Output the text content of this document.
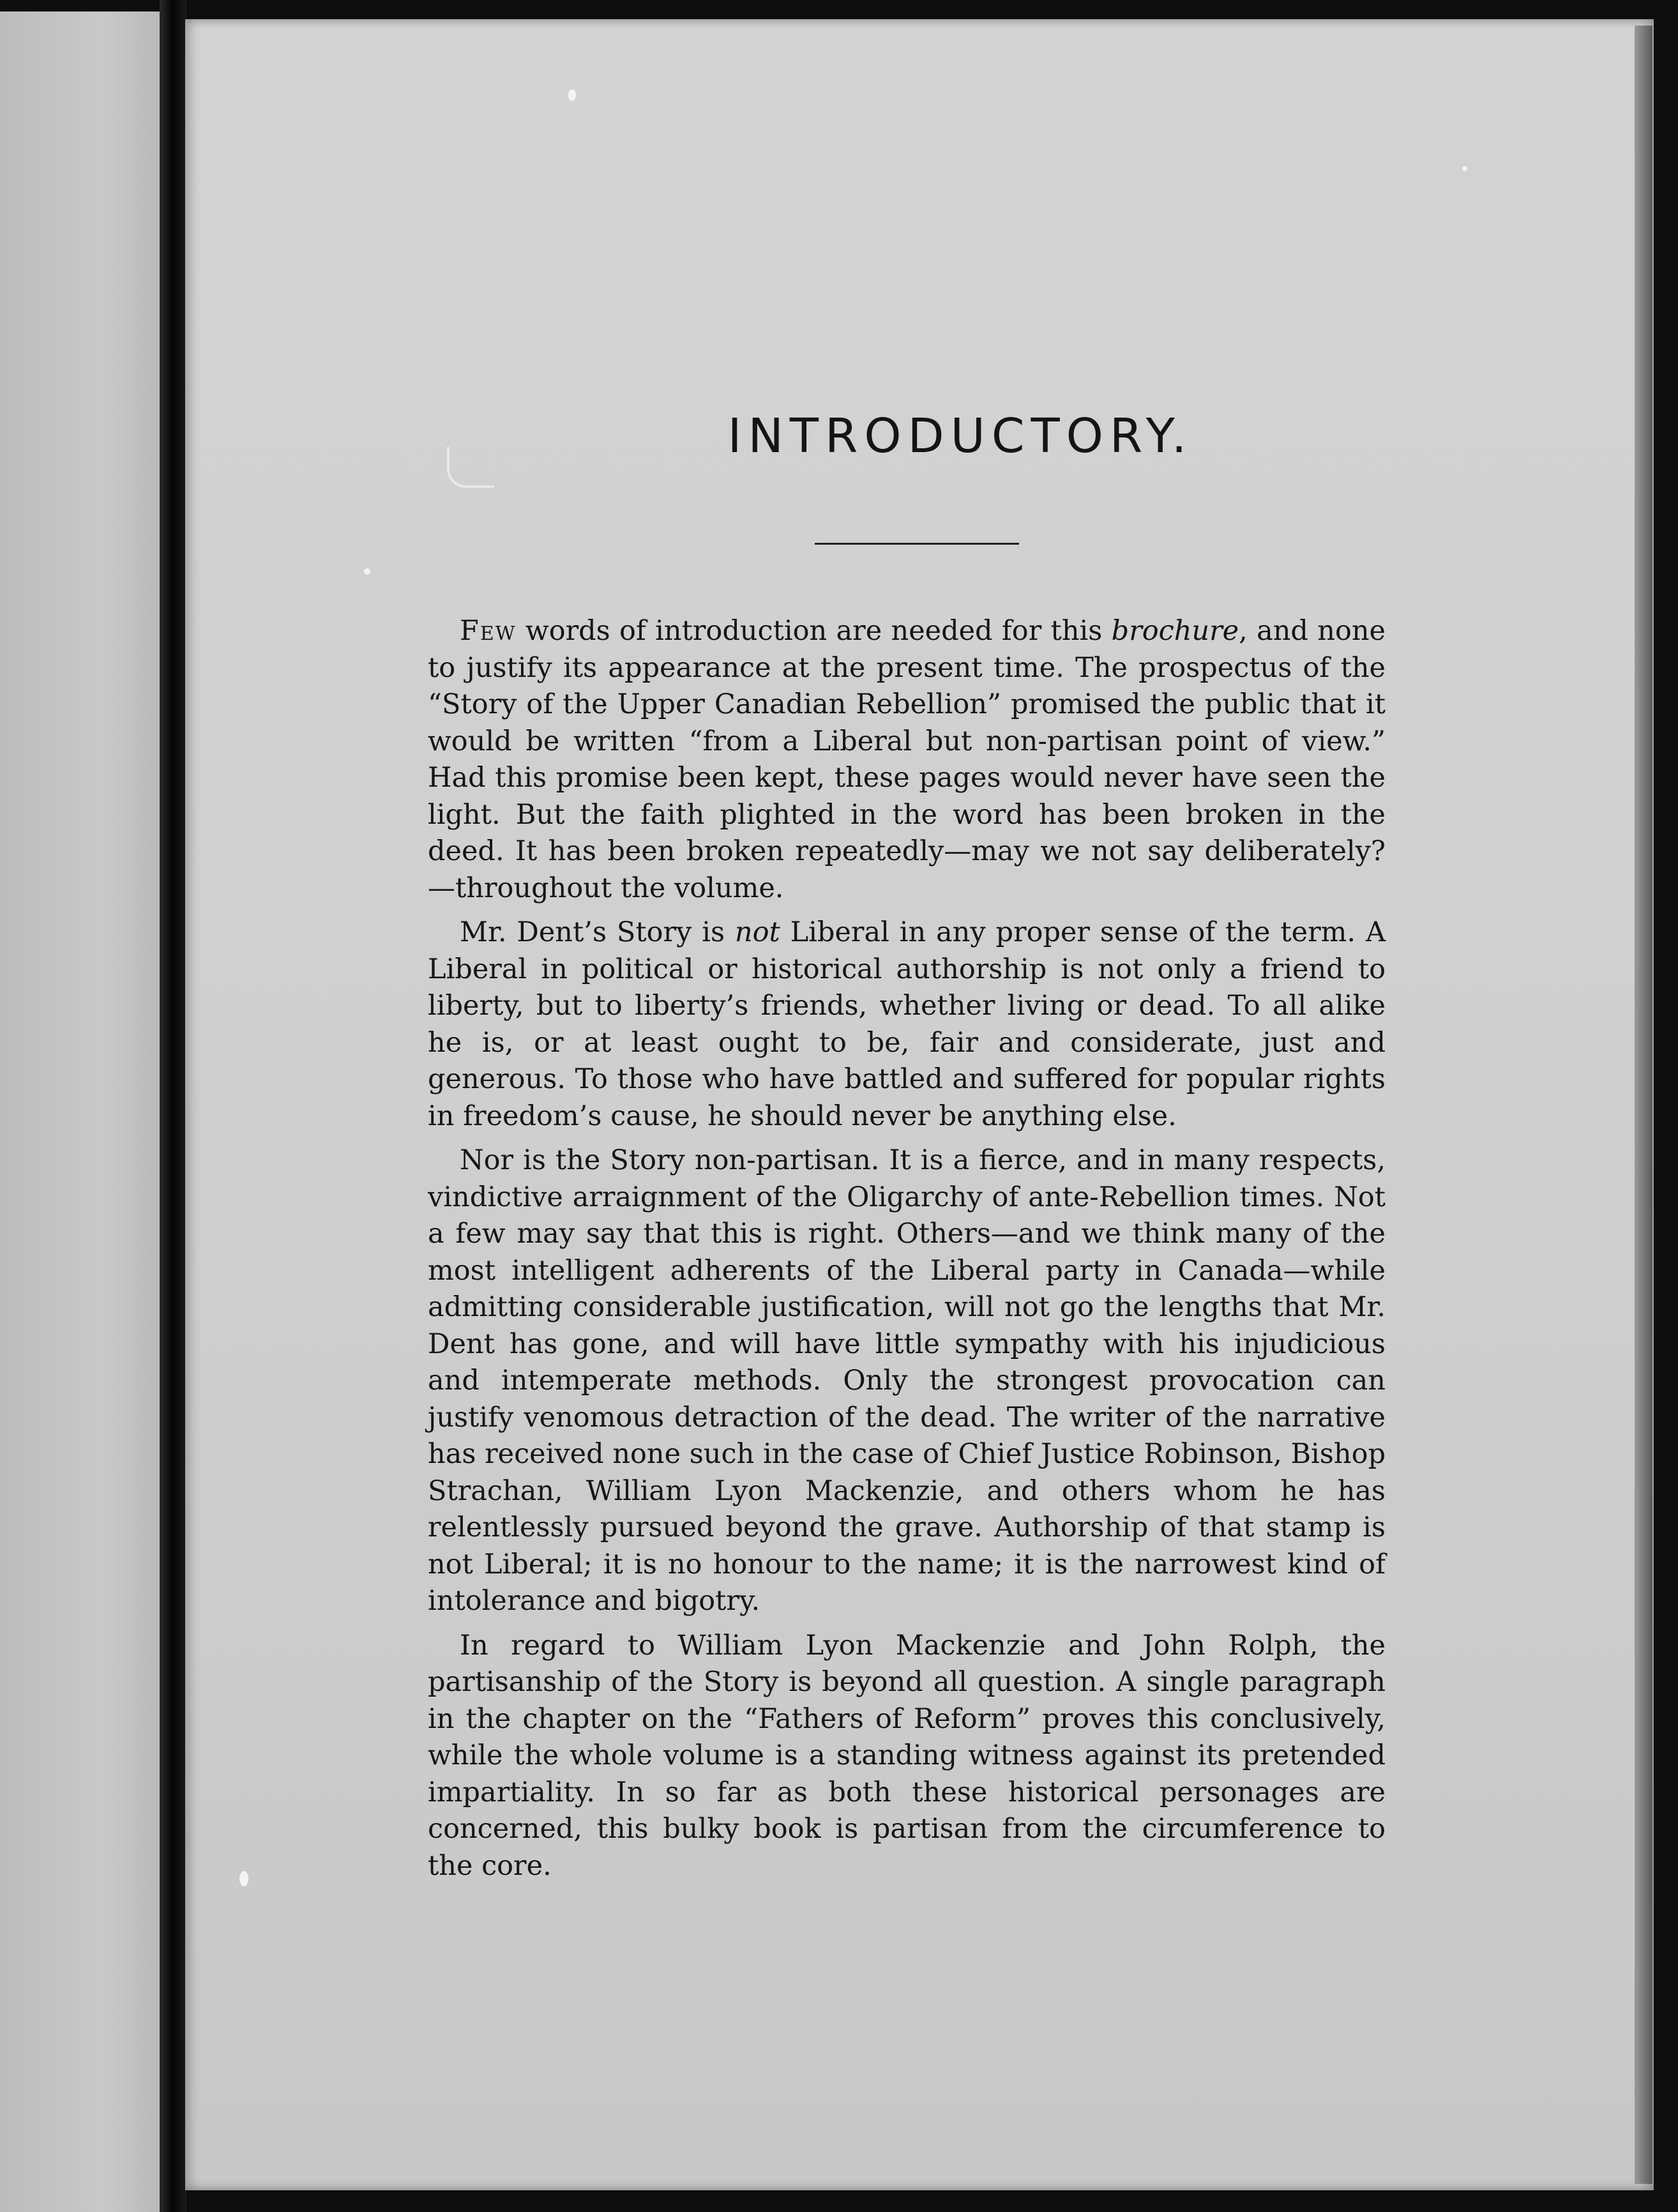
INTRODUCTORY.

Few words of introduction are needed for this brochure, and none to justify its appearance at the present time. The prospectus of the “Story of the Upper Canadian Rebellion” promised the public that it would be written “from a Liberal but non-partisan point of view.” Had this promise been kept, these pages would never have seen the light. But the faith plighted in the word has been broken in the deed. It has been broken repeatedly—may we not say deliberately?—throughout the volume.

Mr. Dent’s Story is not Liberal in any proper sense of the term. A Liberal in political or historical authorship is not only a friend to liberty, but to liberty’s friends, whether living or dead. To all alike he is, or at least ought to be, fair and considerate, just and generous. To those who have battled and suffered for popular rights in freedom’s cause, he should never be anything else.

Nor is the Story non-partisan. It is a fierce, and in many respects, vindictive arraignment of the Oligarchy of ante-Rebellion times. Not a few may say that this is right. Others—and we think many of the most intelligent adherents of the Liberal party in Canada—while admitting considerable justification, will not go the lengths that Mr. Dent has gone, and will have little sympathy with his injudicious and intemperate methods. Only the strongest provocation can justify venomous detraction of the dead. The writer of the narrative has received none such in the case of Chief Justice Robinson, Bishop Strachan, William Lyon Mackenzie, and others whom he has relentlessly pursued beyond the grave. Authorship of that stamp is not Liberal; it is no honour to the name; it is the narrowest kind of intolerance and bigotry.

In regard to William Lyon Mackenzie and John Rolph, the partisanship of the Story is beyond all question. A single paragraph in the chapter on the “Fathers of Reform” proves this conclusively, while the whole volume is a standing witness against its pretended impartiality. In so far as both these historical personages are concerned, this bulky book is partisan from the circumference to the core.
